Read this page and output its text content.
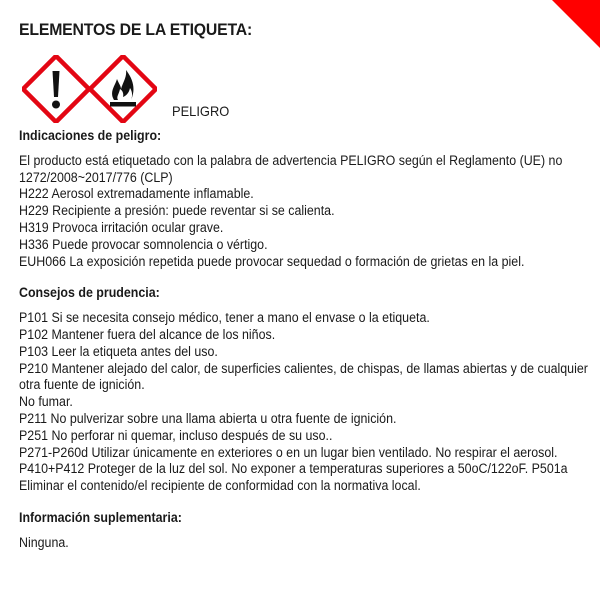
ELEMENTOS DE LA ETIQUETA:
PELIGRO
Indicaciones de peligro:
El producto está etiquetado con la palabra de advertencia PELIGRO según el Reglamento (UE) no
1272/2008~2017/776 (CLP)
H222 Aerosol extremadamente inflamable.
H229 Recipiente a presión: puede reventar si se calienta.
H319 Provoca irritación ocular grave.
H336 Puede provocar somnolencia o vértigo.
EUH066 La exposición repetida puede provocar sequedad o formación de grietas en la piel.
Consejos de prudencia:
P101 Si se necesita consejo médico, tener a mano el envase o la etiqueta.
P102 Mantener fuera del alcance de los niños.
P103 Leer la etiqueta antes del uso.
P210 Mantener alejado del calor, de superficies calientes, de chispas, de llamas abiertas y de cualquier
otra fuente de ignición.
No fumar.
P211 No pulverizar sobre una llama abierta u otra fuente de ignición.
P251 No perforar ni quemar, incluso después de su uso..
P271-P260d Utilizar únicamente en exteriores o en un lugar bien ventilado. No respirar el aerosol.
P410+P412 Proteger de la luz del sol. No exponer a temperaturas superiores a 50oC/122oF. P501a
Eliminar el contenido/el recipiente de conformidad con la normativa local.
Información suplementaria:
Ninguna.
